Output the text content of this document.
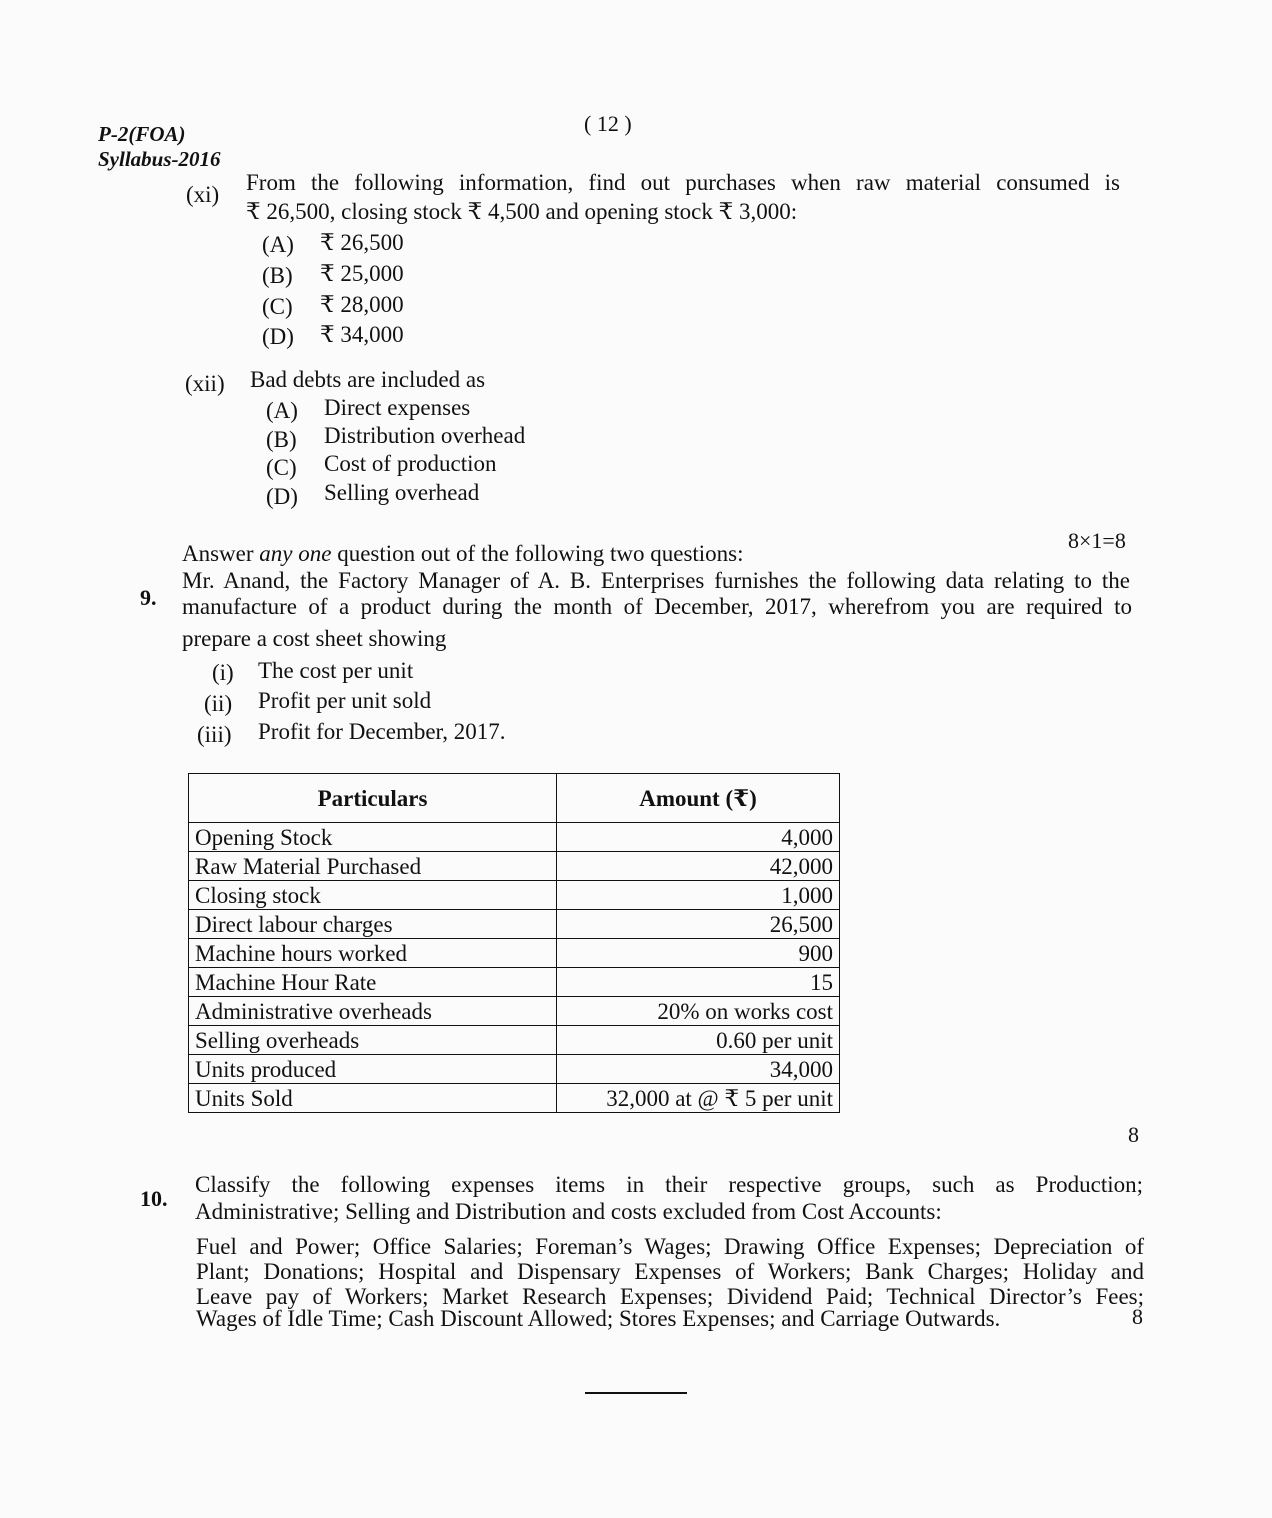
P-2(FOA)
Syllabus-2016
( 12 )
(xi) From the following information, find out purchases when raw material consumed is
₹ 26,500, closing stock ₹ 4,500 and opening stock ₹ 3,000:
(A) ₹ 26,500
(B) ₹ 25,000
(C) ₹ 28,000
(D) ₹ 34,000
(xii) Bad debts are included as
(A) Direct expenses
(B) Distribution overhead
(C) Cost of production
(D) Selling overhead
Answer any one question out of the following two questions:
8×1=8
9.
Mr. Anand, the Factory Manager of A. B. Enterprises furnishes the following data relating to the
manufacture of a product during the month of December, 2017, wherefrom you are required to
prepare a cost sheet showing
(i) The cost per unit
(ii) Profit per unit sold
(iii) Profit for December, 2017.
Particulars	Amount (₹)
Opening Stock	4,000
Raw Material Purchased	42,000
Closing stock	1,000
Direct labour charges	26,500
Machine hours worked	900
Machine Hour Rate	15
Administrative overheads	20% on works cost
Selling overheads	0.60 per unit
Units produced	34,000
Units Sold	32,000 at @ ₹ 5 per unit
8
10.
Classify the following expenses items in their respective groups, such as Production;
Administrative; Selling and Distribution and costs excluded from Cost Accounts:
Fuel and Power; Office Salaries; Foreman’s Wages; Drawing Office Expenses; Depreciation of
Plant; Donations; Hospital and Dispensary Expenses of Workers; Bank Charges; Holiday and
Leave pay of Workers; Market Research Expenses; Dividend Paid; Technical Director’s Fees;
Wages of Idle Time; Cash Discount Allowed; Stores Expenses; and Carriage Outwards.	8
